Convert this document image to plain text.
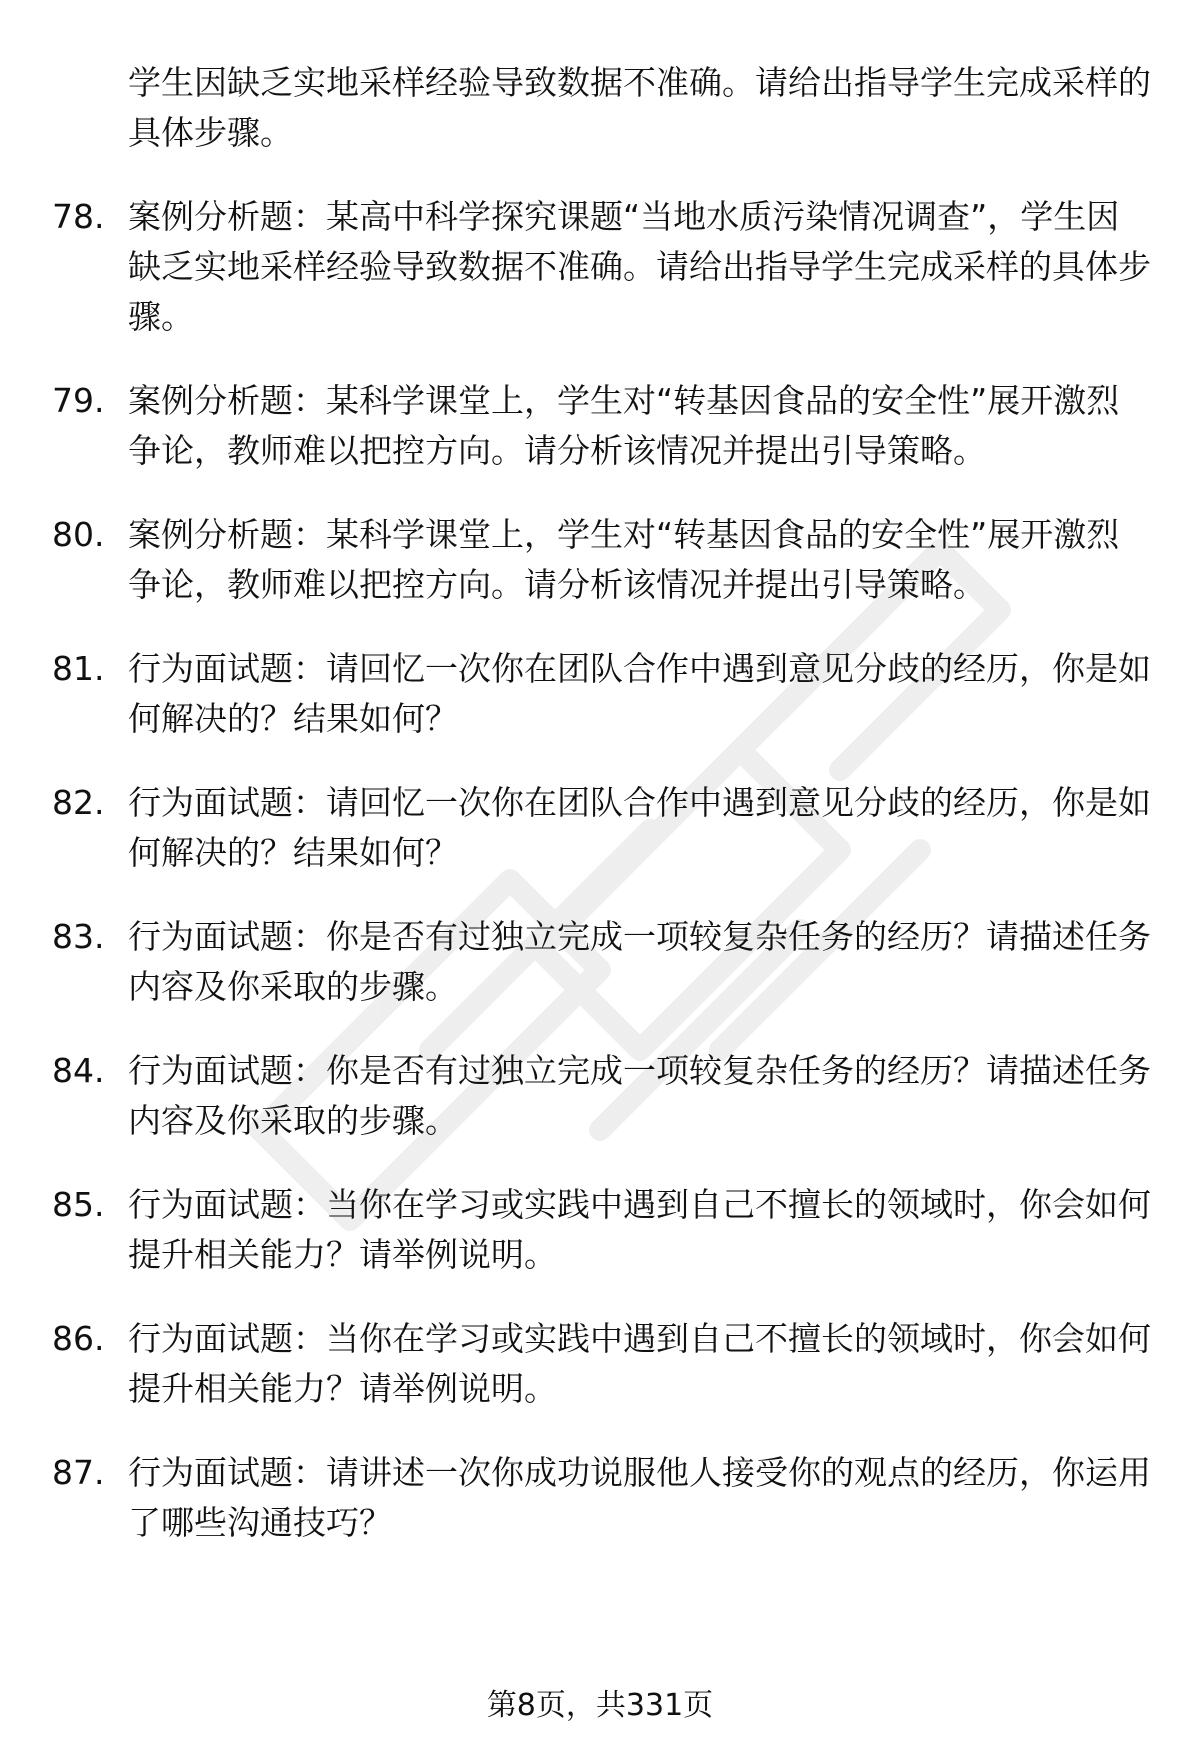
学生因缺乏实地采样经验导致数据不准确。请给出指导学生完成采样的具体步骤。
78. 案例分析题：某高中科学探究课题“当地水质污染情况调查”，学生因缺乏实地采样经验导致数据不准确。请给出指导学生完成采样的具体步骤。
79. 案例分析题：某科学课堂上，学生对“转基因食品的安全性”展开激烈争论，教师难以把控方向。请分析该情况并提出引导策略。
80. 案例分析题：某科学课堂上，学生对“转基因食品的安全性”展开激烈争论，教师难以把控方向。请分析该情况并提出引导策略。
81. 行为面试题：请回忆一次你在团队合作中遇到意见分歧的经历，你是如何解决的？结果如何？
82. 行为面试题：请回忆一次你在团队合作中遇到意见分歧的经历，你是如何解决的？结果如何？
83. 行为面试题：你是否有过独立完成一项较复杂任务的经历？请描述任务内容及你采取的步骤。
84. 行为面试题：你是否有过独立完成一项较复杂任务的经历？请描述任务内容及你采取的步骤。
85. 行为面试题：当你在学习或实践中遇到自己不擅长的领域时，你会如何提升相关能力？请举例说明。
86. 行为面试题：当你在学习或实践中遇到自己不擅长的领域时，你会如何提升相关能力？请举例说明。
87. 行为面试题：请讲述一次你成功说服他人接受你的观点的经历，你运用了哪些沟通技巧？
第8页，共331页
